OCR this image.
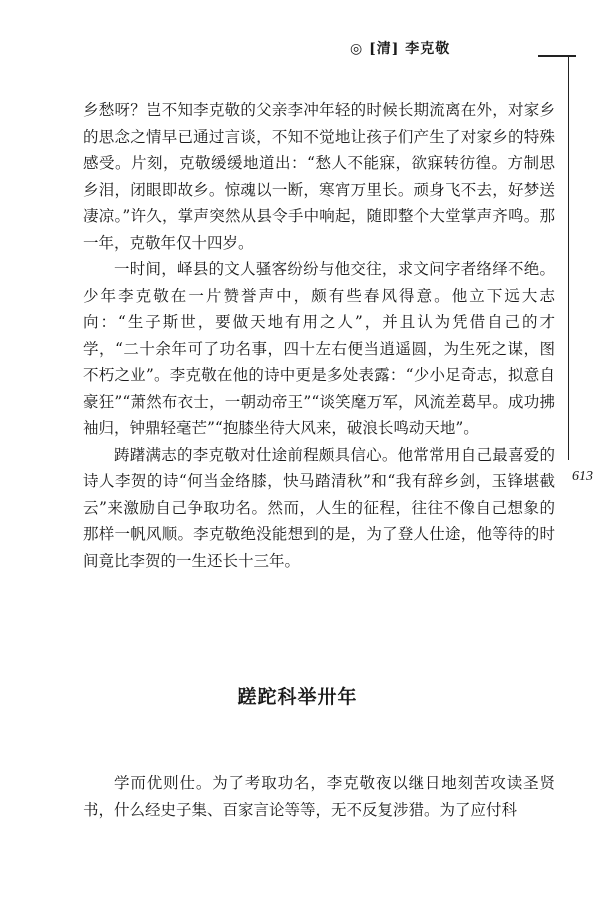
◎ [清] 李克敬
613

乡愁呀？岂不知李克敬的父亲李冲年轻的时候长期流离在外，对家乡的思念之情早已通过言谈，不知不觉地让孩子们产生了对家乡的特殊感受。片刻，克敬缓缓地道出：“愁人不能寐，欲寐转彷徨。方制思乡泪，闭眼即故乡。惊魂以一断，寒宵万里长。顽身飞不去，好梦送凄凉。”许久，掌声突然从县令手中响起，随即整个大堂掌声齐鸣。那一年，克敬年仅十四岁。

一时间，峄县的文人骚客纷纷与他交往，求文问字者络绎不绝。少年李克敬在一片赞誉声中，颇有些春风得意。他立下远大志向：“生子斯世，要做天地有用之人”，并且认为凭借自己的才学，“二十余年可了功名事，四十左右便当逍遥圆，为生死之谋，图不朽之业”。李克敬在他的诗中更是多处表露：“少小足奇志，拟意自豪狂”“萧然布衣士，一朝动帝王”“谈笑麾万军，风流差葛早。成功拂袖归，钟鼎轻毫芒”“抱膝坐待大风来，破浪长鸣动天地”。

踌躇满志的李克敬对仕途前程颇具信心。他常常用自己最喜爱的诗人李贺的诗“何当金络膝，快马踏清秋”和“我有辞乡剑，玉锋堪截云”来激励自己争取功名。然而，人生的征程，往往不像自己想象的那样一帆风顺。李克敬绝没能想到的是，为了登人仕途，他等待的时间竟比李贺的一生还长十三年。

蹉跎科举卅年

学而优则仕。为了考取功名，李克敬夜以继日地刻苦攻读圣贤书，什么经史子集、百家言论等等，无不反复涉猎。为了应付科
